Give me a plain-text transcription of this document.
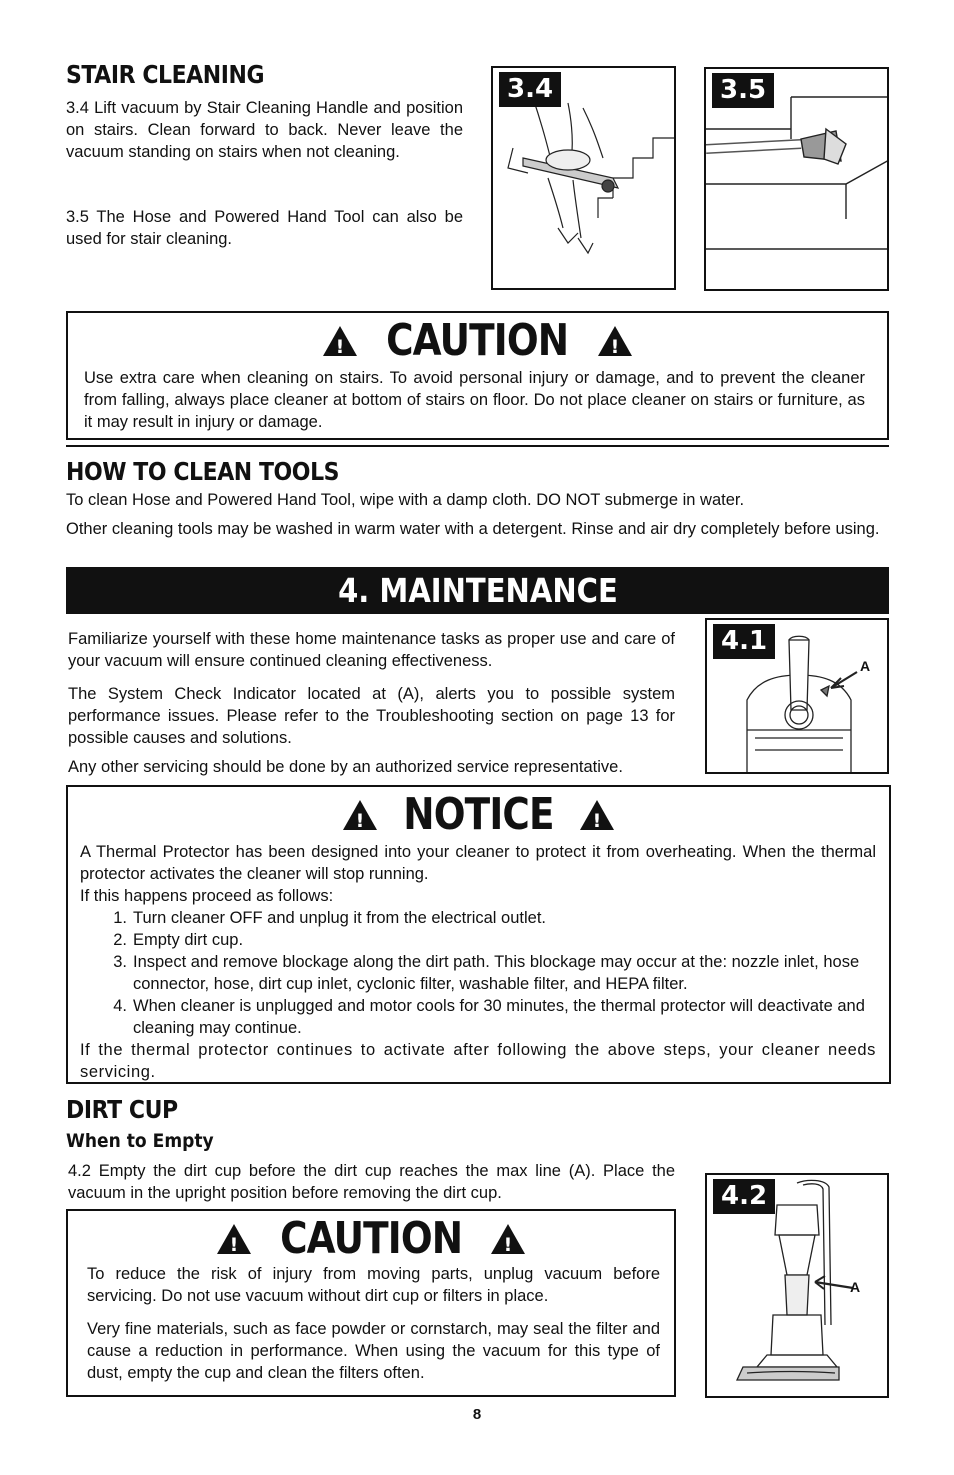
STAIR CLEANING

3.4 Lift vacuum by Stair Cleaning Handle and position on stairs. Clean forward to back. Never leave the vacuum standing on stairs when not cleaning.

3.5 The Hose and Powered Hand Tool can also be used for stair cleaning.

3.4	3.5
! CAUTION !

Use extra care when cleaning on stairs. To avoid personal injury or damage, and to prevent the cleaner from falling, always place cleaner at bottom of stairs on floor. Do not place cleaner on stairs or furniture, as it may result in injury or damage.

HOW TO CLEAN TOOLS

To clean Hose and Powered Hand Tool, wipe with a damp cloth. DO NOT submerge in water.

Other cleaning tools may be washed in warm water with a detergent. Rinse and air dry completely before using.

4. MAINTENANCE

Familiarize yourself with these home maintenance tasks as proper use and care of your vacuum will ensure continued cleaning effectiveness.

The System Check Indicator located at (A), alerts you to possible system performance issues. Please refer to the Troubleshooting section on page 13 for possible causes and solutions.

Any other servicing should be done by an authorized service representative.

4.1
A
! NOTICE !

A Thermal Protector has been designed into your cleaner to protect it from overheating. When the thermal protector activates the cleaner will stop running.

If this happens proceed as follows:

1. Turn cleaner OFF and unplug it from the electrical outlet.
2. Empty dirt cup.
3. Inspect and remove blockage along the dirt path. This blockage may occur at the: nozzle inlet, hose connector, hose, dirt cup inlet, cyclonic filter, washable filter, and HEPA filter.
4. When cleaner is unplugged and motor cools for 30 minutes, the thermal protector will deactivate and cleaning may continue.

If the thermal protector continues to activate after following the above steps, your cleaner needs servicing.

DIRT CUP
When to Empty

4.2 Empty the dirt cup before the dirt cup reaches the max line (A). Place the vacuum in the upright position before removing the dirt cup.

! CAUTION !

To reduce the risk of injury from moving parts, unplug vacuum before servicing. Do not use vacuum without dirt cup or filters in place.

Very fine materials, such as face powder or cornstarch, may seal the filter and cause a reduction in performance. When using the vacuum for this type of dust, empty the cup and clean the filters often.

4.2
A
8
